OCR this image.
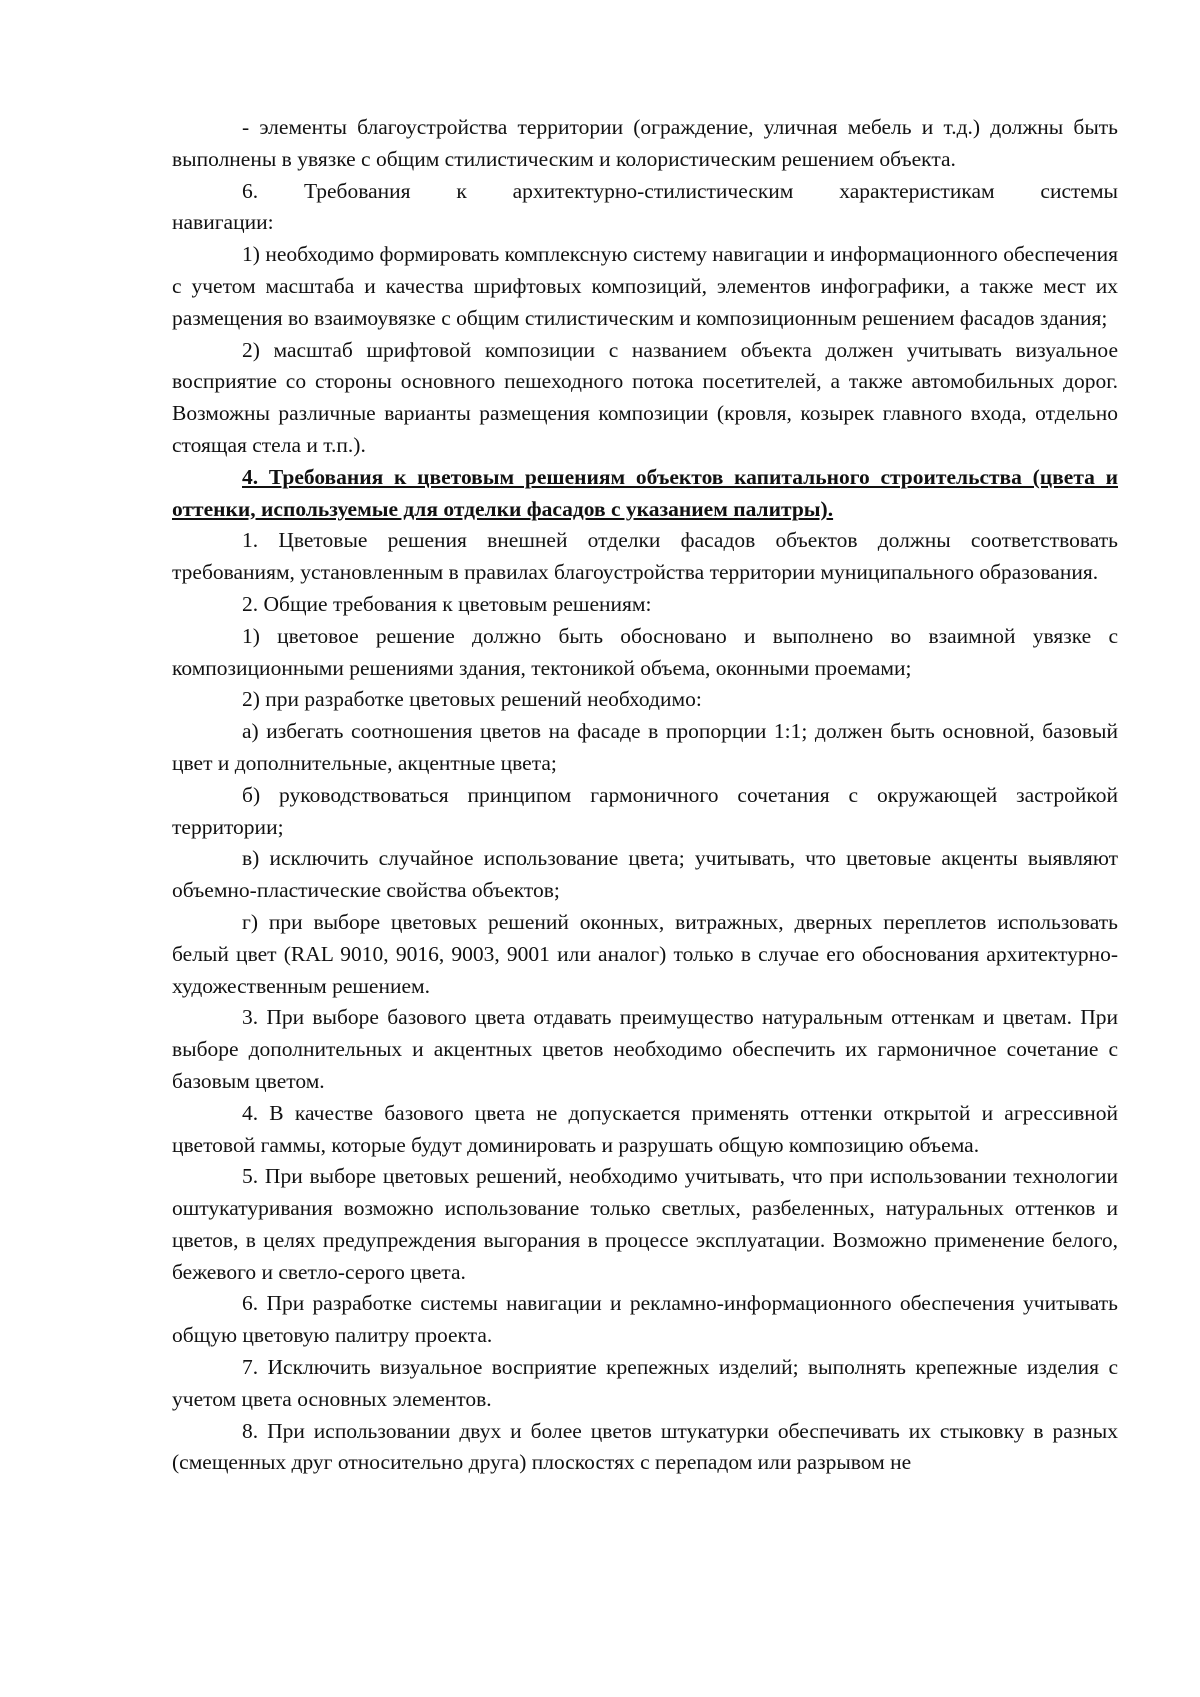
- элементы благоустройства территории (ограждение, уличная мебель и т.д.) должны быть выполнены в увязке с общим стилистическим и колористическим решением объекта.

6. Требования к архитектурно-стилистическим характеристикам системы навигации:

1) необходимо формировать комплексную систему навигации и информационного обеспечения с учетом масштаба и качества шрифтовых композиций, элементов инфографики, а также мест их размещения во взаимоувязке с общим стилистическим и композиционным решением фасадов здания;

2) масштаб шрифтовой композиции с названием объекта должен учитывать визуальное восприятие со стороны основного пешеходного потока посетителей, а также автомобильных дорог. Возможны различные варианты размещения композиции (кровля, козырек главного входа, отдельно стоящая стела и т.п.).

4. Требования к цветовым решениям объектов капитального строительства (цвета и оттенки, используемые для отделки фасадов с указанием палитры).

1. Цветовые решения внешней отделки фасадов объектов должны соответствовать требованиям, установленным в правилах благоустройства территории муниципального образования.

2. Общие требования к цветовым решениям:

1) цветовое решение должно быть обосновано и выполнено во взаимной увязке с композиционными решениями здания, тектоникой объема, оконными проемами;

2) при разработке цветовых решений необходимо:

а) избегать соотношения цветов на фасаде в пропорции 1:1; должен быть основной, базовый цвет и дополнительные, акцентные цвета;

б) руководствоваться принципом гармоничного сочетания с окружающей застройкой территории;

в) исключить случайное использование цвета; учитывать, что цветовые акценты выявляют объемно-пластические свойства объектов;

г) при выборе цветовых решений оконных, витражных, дверных переплетов использовать белый цвет (RAL 9010, 9016, 9003, 9001 или аналог) только в случае его обоснования архитектурно-художественным решением.

3. При выборе базового цвета отдавать преимущество натуральным оттенкам и цветам. При выборе дополнительных и акцентных цветов необходимо обеспечить их гармоничное сочетание с базовым цветом.

4. В качестве базового цвета не допускается применять оттенки открытой и агрессивной цветовой гаммы, которые будут доминировать и разрушать общую композицию объема.

5. При выборе цветовых решений, необходимо учитывать, что при использовании технологии оштукатуривания возможно использование только светлых, разбеленных, натуральных оттенков и цветов, в целях предупреждения выгорания в процессе эксплуатации. Возможно применение белого, бежевого и светло-серого цвета.

6. При разработке системы навигации и рекламно-информационного обеспечения учитывать общую цветовую палитру проекта.

7. Исключить визуальное восприятие крепежных изделий; выполнять крепежные изделия с учетом цвета основных элементов.

8. При использовании двух и более цветов штукатурки обеспечивать их стыковку в разных (смещенных друг относительно друга) плоскостях с перепадом или разрывом не
